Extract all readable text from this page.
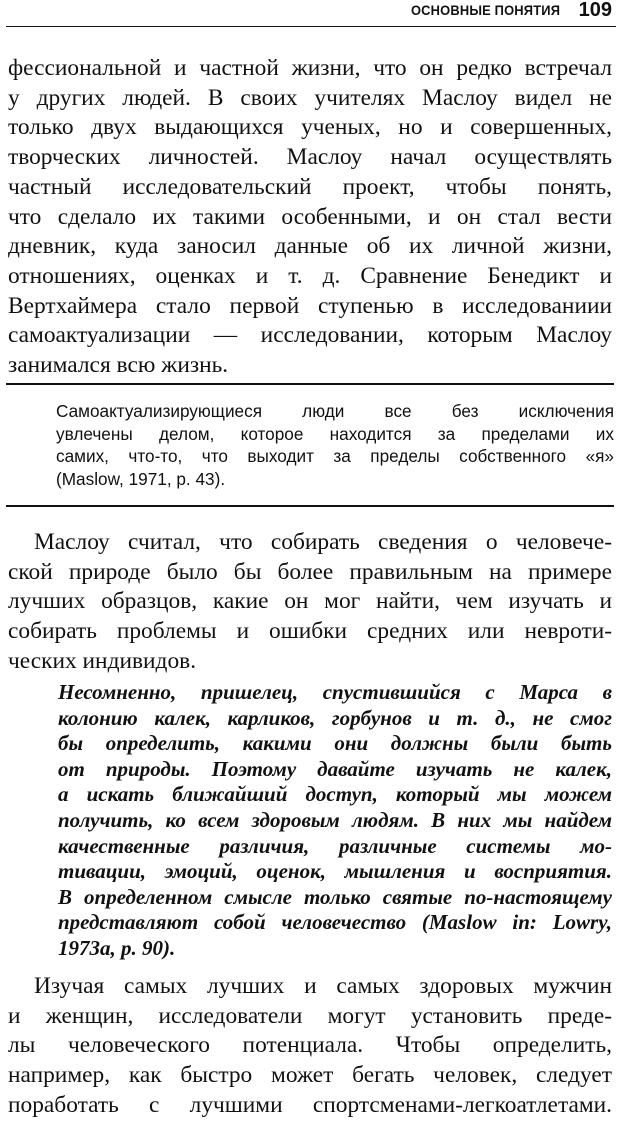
ОСНОВНЫЕ ПОНЯТИЯ 109

фессиональной и частной жизни, что он редко встречал
у других людей. В своих учителях Маслоу видел не
только двух выдающихся ученых, но и совершенных,
творческих личностей. Маслоу начал осуществлять
частный исследовательский проект, чтобы понять,
что сделало их такими особенными, и он стал вести
дневник, куда заносил данные об их личной жизни,
отношениях, оценках и т. д. Сравнение Бенедикт и
Вертхаймера стало первой ступенью в исследованиии
самоактуализации — исследовании, которым Маслоу
занимался всю жизнь.

Самоактуализирующиеся люди все без исключения
увлечены делом, которое находится за пределами их
самих, что-то, что выходит за пределы собственного «я»
(Maslow, 1971, p. 43).

Маслоу считал, что собирать сведения о человече-
ской природе было бы более правильным на примере
лучших образцов, какие он мог найти, чем изучать и
собирать проблемы и ошибки средних или невроти-
ческих индивидов.

Несомненно, пришелец, спустившийся с Марса в
колонию калек, карликов, горбунов и т. д., не смог
бы определить, какими они должны были быть
от природы. Поэтому давайте изучать не калек,
а искать ближайший доступ, который мы можем
получить, ко всем здоровым людям. В них мы найдем
качественные различия, различные системы мо-
тивации, эмоций, оценок, мышления и восприятия.
В определенном смысле только святые по-настоящему
представляют собой человечество (Maslow in: Lowry,
1973a, p. 90).

Изучая самых лучших и самых здоровых мужчин
и женщин, исследователи могут установить преде-
лы человеческого потенциала. Чтобы определить,
например, как быстро может бегать человек, следует
поработать с лучшими спортсменами-легкоатлетами.
